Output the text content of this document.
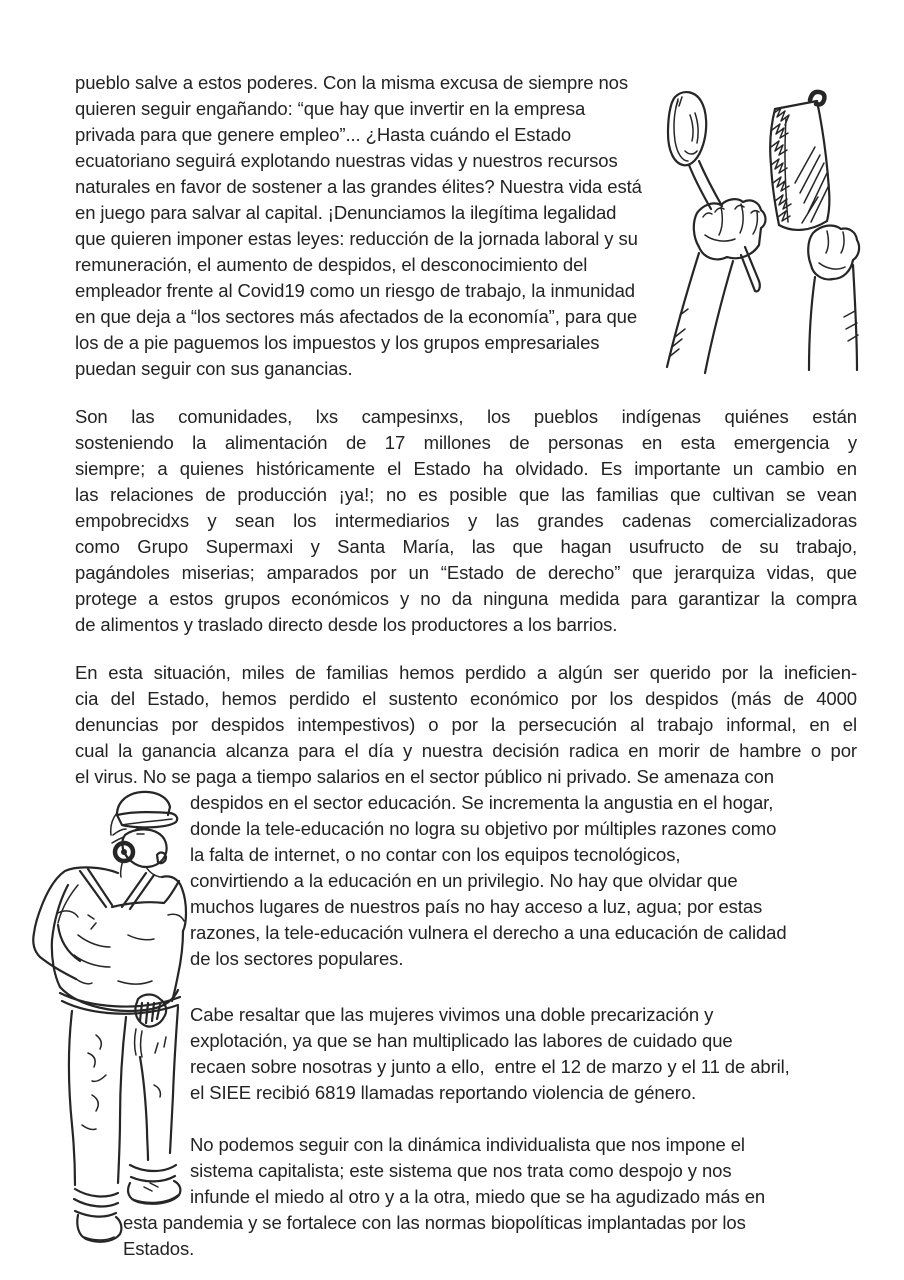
pueblo salve a estos poderes. Con la misma excusa de siempre nos
quieren seguir engañando: “que hay que invertir en la empresa
privada para que genere empleo”... ¿Hasta cuándo el Estado
ecuatoriano seguirá explotando nuestras vidas y nuestros recursos
naturales en favor de sostener a las grandes élites? Nuestra vida está
en juego para salvar al capital. ¡Denunciamos la ilegítima legalidad
que quieren imponer estas leyes: reducción de la jornada laboral y su
remuneración, el aumento de despidos, el desconocimiento del
empleador frente al Covid19 como un riesgo de trabajo, la inmunidad
en que deja a “los sectores más afectados de la economía”, para que
los de a pie paguemos los impuestos y los grupos empresariales
puedan seguir con sus ganancias.
Son las comunidades, lxs campesinxs, los pueblos indígenas quiénes están
sosteniendo la alimentación de 17 millones de personas en esta emergencia y
siempre; a quienes históricamente el Estado ha olvidado. Es importante un cambio en
las relaciones de producción ¡ya!; no es posible que las familias que cultivan se vean
empobrecidxs y sean los intermediarios y las grandes cadenas comercializadoras
como Grupo Supermaxi y Santa María, las que hagan usufructo de su trabajo,
pagándoles miserias; amparados por un “Estado de derecho” que jerarquiza vidas, que
protege a estos grupos económicos y no da ninguna medida para garantizar la compra
de alimentos y traslado directo desde los productores a los barrios.
En esta situación, miles de familias hemos perdido a algún ser querido por la ineficien-
cia del Estado, hemos perdido el sustento económico por los despidos (más de 4000
denuncias por despidos intempestivos) o por la persecución al trabajo informal, en el
cual la ganancia alcanza para el día y nuestra decisión radica en morir de hambre o por
el virus. No se paga a tiempo salarios en el sector público ni privado. Se amenaza con
despidos en el sector educación. Se incrementa la angustia en el hogar,
donde la tele-educación no logra su objetivo por múltiples razones como
la falta de internet, o no contar con los equipos tecnológicos,
convirtiendo a la educación en un privilegio. No hay que olvidar que
muchos lugares de nuestros país no hay acceso a luz, agua; por estas
razones, la tele-educación vulnera el derecho a una educación de calidad
de los sectores populares.
Cabe resaltar que las mujeres vivimos una doble precarización y
explotación, ya que se han multiplicado las labores de cuidado que
recaen sobre nosotras y junto a ello,  entre el 12 de marzo y el 11 de abril,
el SIEE recibió 6819 llamadas reportando violencia de género.
No podemos seguir con la dinámica individualista que nos impone el
sistema capitalista; este sistema que nos trata como despojo y nos
infunde el miedo al otro y a la otra, miedo que se ha agudizado más en
esta pandemia y se fortalece con las normas biopolíticas implantadas por los
Estados.
